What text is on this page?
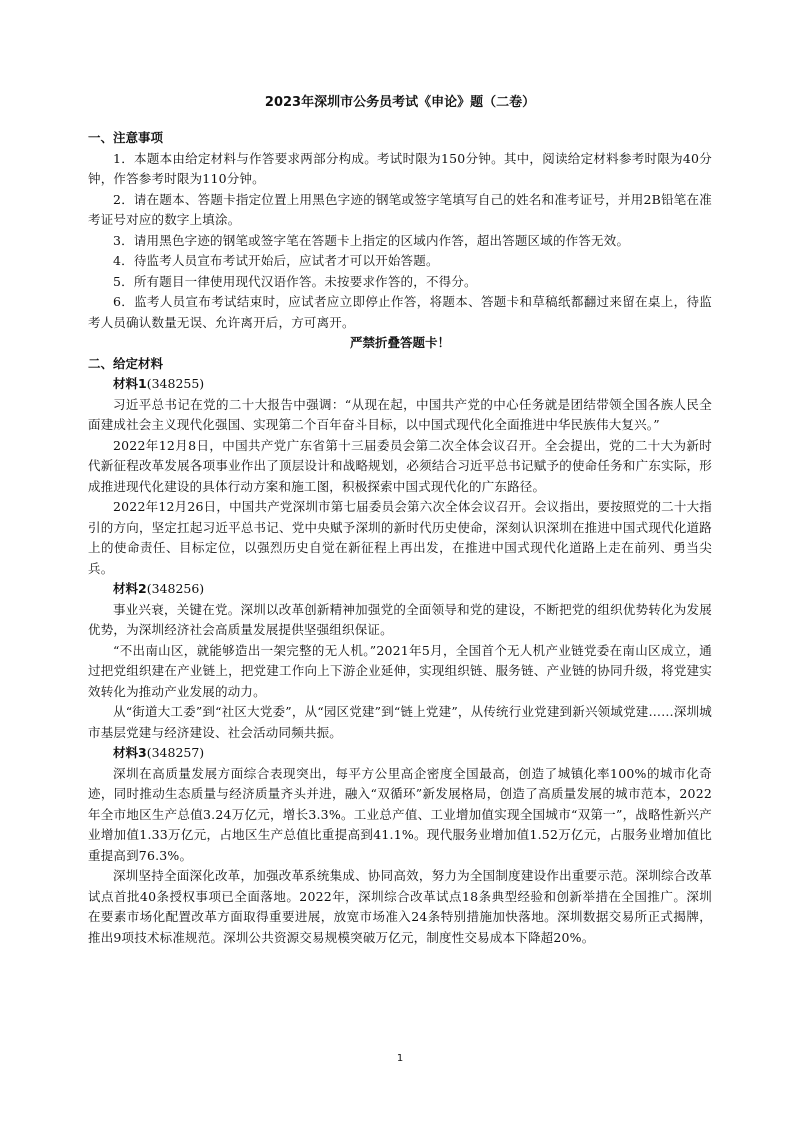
2023年深圳市公务员考试《申论》题（二卷）
一、注意事项

1．本题本由给定材料与作答要求两部分构成。考试时限为150分钟。其中，阅读给定材料参考时限为40分钟，作答参考时限为110分钟。

2．请在题本、答题卡指定位置上用黑色字迹的钢笔或签字笔填写自己的姓名和准考证号，并用2B铅笔在准考证号对应的数字上填涂。

3．请用黑色字迹的钢笔或签字笔在答题卡上指定的区域内作答，超出答题区域的作答无效。

4．待监考人员宣布考试开始后，应试者才可以开始答题。

5．所有题目一律使用现代汉语作答。未按要求作答的，不得分。

6．监考人员宣布考试结束时，应试者应立即停止作答，将题本、答题卡和草稿纸都翻过来留在桌上，待监考人员确认数量无误、允许离开后，方可离开。

严禁折叠答题卡！
二、给定材料
材料1(348255)

习近平总书记在党的二十大报告中强调：“从现在起，中国共产党的中心任务就是团结带领全国各族人民全面建成社会主义现代化强国、实现第二个百年奋斗目标，以中国式现代化全面推进中华民族伟大复兴。”

2022年12月8日，中国共产党广东省第十三届委员会第二次全体会议召开。全会提出，党的二十大为新时代新征程改革发展各项事业作出了顶层设计和战略规划，必须结合习近平总书记赋予的使命任务和广东实际，形成推进现代化建设的具体行动方案和施工图，积极探索中国式现代化的广东路径。

2022年12月26日，中国共产党深圳市第七届委员会第六次全体会议召开。会议指出，要按照党的二十大指引的方向，坚定扛起习近平总书记、党中央赋予深圳的新时代历史使命，深刻认识深圳在推进中国式现代化道路上的使命责任、目标定位，以强烈历史自觉在新征程上再出发，在推进中国式现代化道路上走在前列、勇当尖兵。

材料2(348256)

事业兴衰，关键在党。深圳以改革创新精神加强党的全面领导和党的建设，不断把党的组织优势转化为发展优势，为深圳经济社会高质量发展提供坚强组织保证。

“不出南山区，就能够造出一架完整的无人机。”2021年5月，全国首个无人机产业链党委在南山区成立，通过把党组织建在产业链上，把党建工作向上下游企业延伸，实现组织链、服务链、产业链的协同升级，将党建实效转化为推动产业发展的动力。

从“街道大工委”到“社区大党委”，从“园区党建”到“链上党建”，从传统行业党建到新兴领域党建……深圳城市基层党建与经济建设、社会活动同频共振。

材料3(348257)

深圳在高质量发展方面综合表现突出，每平方公里高企密度全国最高，创造了城镇化率100%的城市化奇迹，同时推动生态质量与经济质量齐头并进，融入“双循环”新发展格局，创造了高质量发展的城市范本，2022年全市地区生产总值3.24万亿元，增长3.3%。工业总产值、工业增加值实现全国城市“双第一”，战略性新兴产业增加值1.33万亿元，占地区生产总值比重提高到41.1%。现代服务业增加值1.52万亿元，占服务业增加值比重提高到76.3%。

深圳坚持全面深化改革，加强改革系统集成、协同高效，努力为全国制度建设作出重要示范。深圳综合改革试点首批40条授权事项已全面落地。2022年，深圳综合改革试点18条典型经验和创新举措在全国推广。深圳在要素市场化配置改革方面取得重要进展，放宽市场准入24条特别措施加快落地。深圳数据交易所正式揭牌，推出9项技术标准规范。深圳公共资源交易规模突破万亿元，制度性交易成本下降超20%。

1
